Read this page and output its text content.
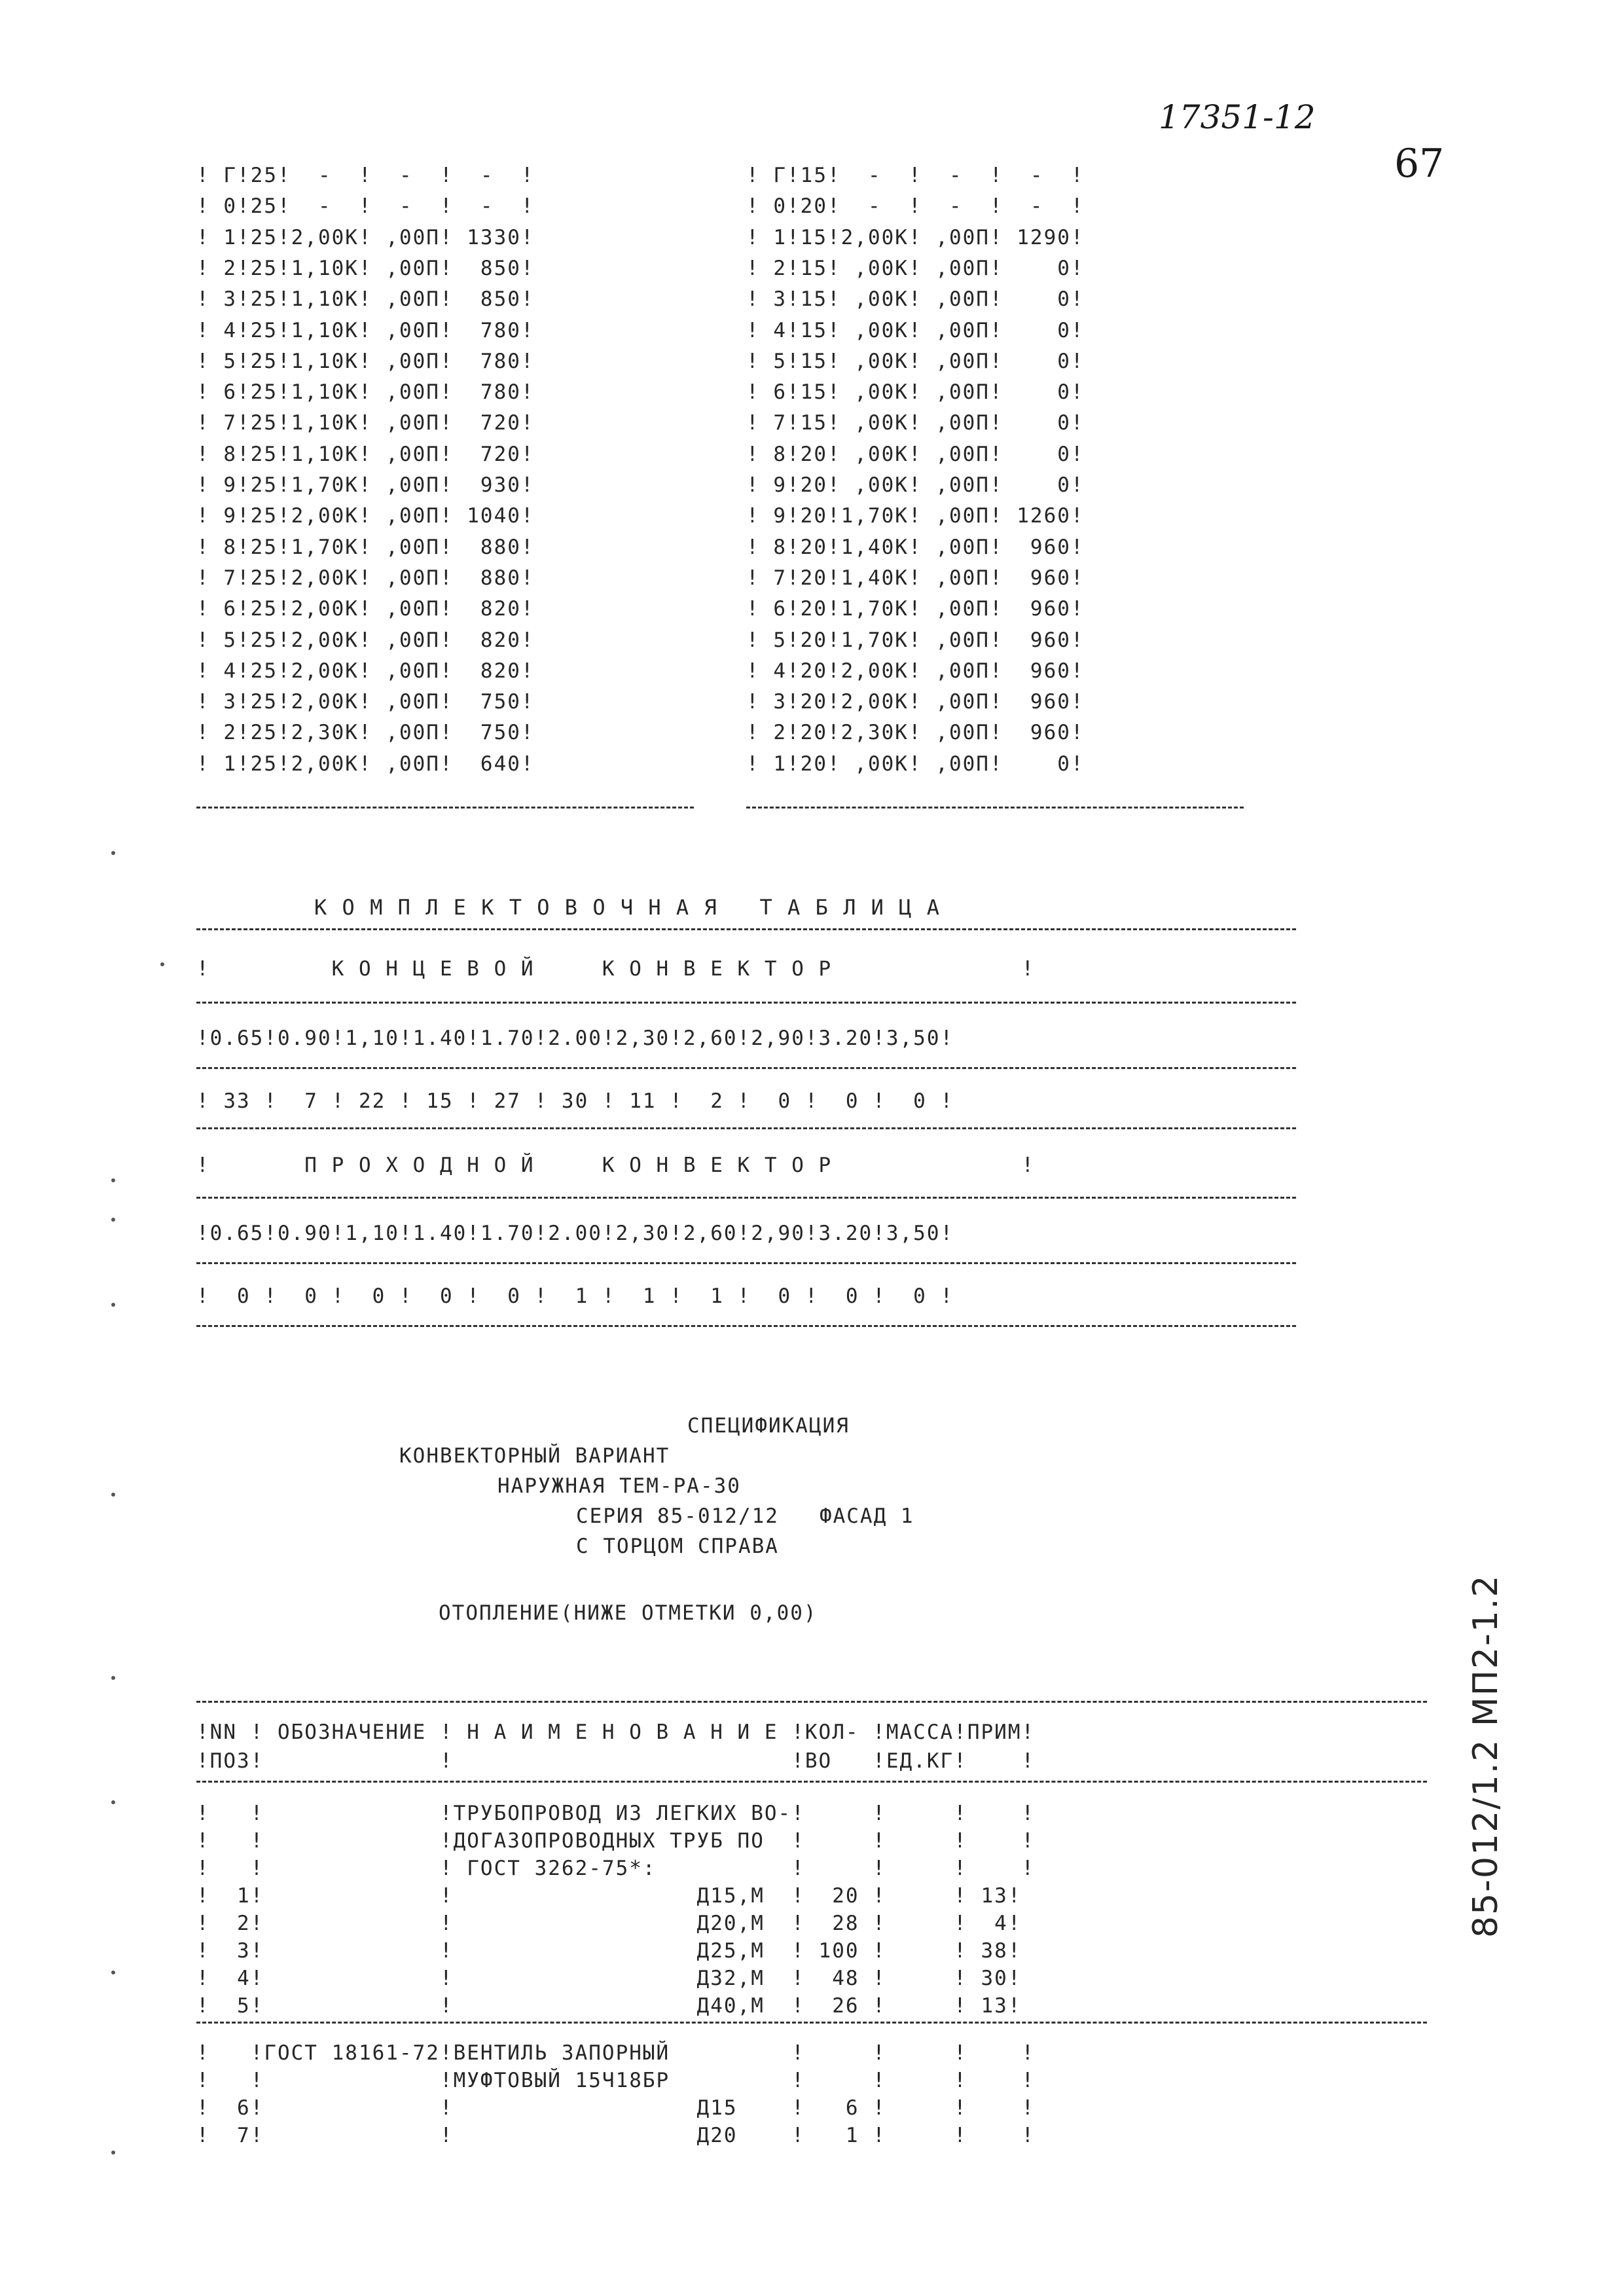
17351-12
67
! Г!25!  -  !  -  !  -  !
! 0!25!  -  !  -  !  -  !
! 1!25!2,00К! ,00П! 1330!
! 2!25!1,10К! ,00П!  850!
! 3!25!1,10К! ,00П!  850!
! 4!25!1,10К! ,00П!  780!
! 5!25!1,10К! ,00П!  780!
! 6!25!1,10К! ,00П!  780!
! 7!25!1,10К! ,00П!  720!
! 8!25!1,10К! ,00П!  720!
! 9!25!1,70К! ,00П!  930!
! 9!25!2,00К! ,00П! 1040!
! 8!25!1,70К! ,00П!  880!
! 7!25!2,00К! ,00П!  880!
! 6!25!2,00К! ,00П!  820!
! 5!25!2,00К! ,00П!  820!
! 4!25!2,00К! ,00П!  820!
! 3!25!2,00К! ,00П!  750!
! 2!25!2,30К! ,00П!  750!
! 1!25!2,00К! ,00П!  640!
! Г!15!  -  !  -  !  -  !
! 0!20!  -  !  -  !  -  !
! 1!15!2,00К! ,00П! 1290!
! 2!15! ,00К! ,00П!    0!
! 3!15! ,00К! ,00П!    0!
! 4!15! ,00К! ,00П!    0!
! 5!15! ,00К! ,00П!    0!
! 6!15! ,00К! ,00П!    0!
! 7!15! ,00К! ,00П!    0!
! 8!20! ,00К! ,00П!    0!
! 9!20! ,00К! ,00П!    0!
! 9!20!1,70К! ,00П! 1260!
! 8!20!1,40К! ,00П!  960!
! 7!20!1,40К! ,00П!  960!
! 6!20!1,70К! ,00П!  960!
! 5!20!1,70К! ,00П!  960!
! 4!20!2,00К! ,00П!  960!
! 3!20!2,00К! ,00П!  960!
! 2!20!2,30К! ,00П!  960!
! 1!20! ,00К! ,00П!    0!
К О М П Л Е К Т О В О Ч Н А Я   Т А Б Л И Ц А
!         К О Н Ц Е В О Й     К О Н В Е К Т О Р              !
!0.65!0.90!1,10!1.40!1.70!2.00!2,30!2,60!2,90!3.20!3,50!
! 33 !  7 ! 22 ! 15 ! 27 ! 30 ! 11 !  2 !  0 !  0 !  0 !
!       П Р О Х О Д Н О Й     К О Н В Е К Т О Р              !
!0.65!0.90!1,10!1.40!1.70!2.00!2,30!2,60!2,90!3.20!3,50!
!  0 !  0 !  0 !  0 !  0 !  1 !  1 !  1 !  0 !  0 !  0 !
СПЕЦИФИКАЦИЯ
КОНВЕКТОРНЫЙ ВАРИАНТ
НАРУЖНАЯ ТЕМ-РА-30
СЕРИЯ 85-012/12   ФАСАД 1
С ТОРЦОМ СПРАВА
ОТОПЛЕНИЕ(НИЖЕ ОТМЕТКИ 0,00)
!NN ! ОБОЗНАЧЕНИЕ ! Н А И М Е Н О В А Н И Е !КОЛ- !МАССА!ПРИМ!
!ПОЗ!             !                         !ВО   !ЕД.КГ!    !
!   !             !ТРУБОПРОВОД ИЗ ЛЕГКИХ ВО-!     !     !    !
!   !             !ДОГАЗОПРОВОДНЫХ ТРУБ ПО  !     !     !    !
!   !             ! ГОСТ 3262-75*:          !     !     !    !
!  1!             !                  Д15,М  !  20 !     ! 13!
!  2!             !                  Д20,М  !  28 !     !  4!
!  3!             !                  Д25,М  ! 100 !     ! 38!
!  4!             !                  Д32,М  !  48 !     ! 30!
!  5!             !                  Д40,М  !  26 !     ! 13!
!   !ГОСТ 18161-72!ВЕНТИЛЬ ЗАПОРНЫЙ         !     !     !    !
!   !             !МУФТОВЫЙ 15Ч18БР         !     !     !    !
!  6!             !                  Д15    !   6 !     !    !
!  7!             !                  Д20    !   1 !     !    !
85-012/1.2 МП2-1.2
